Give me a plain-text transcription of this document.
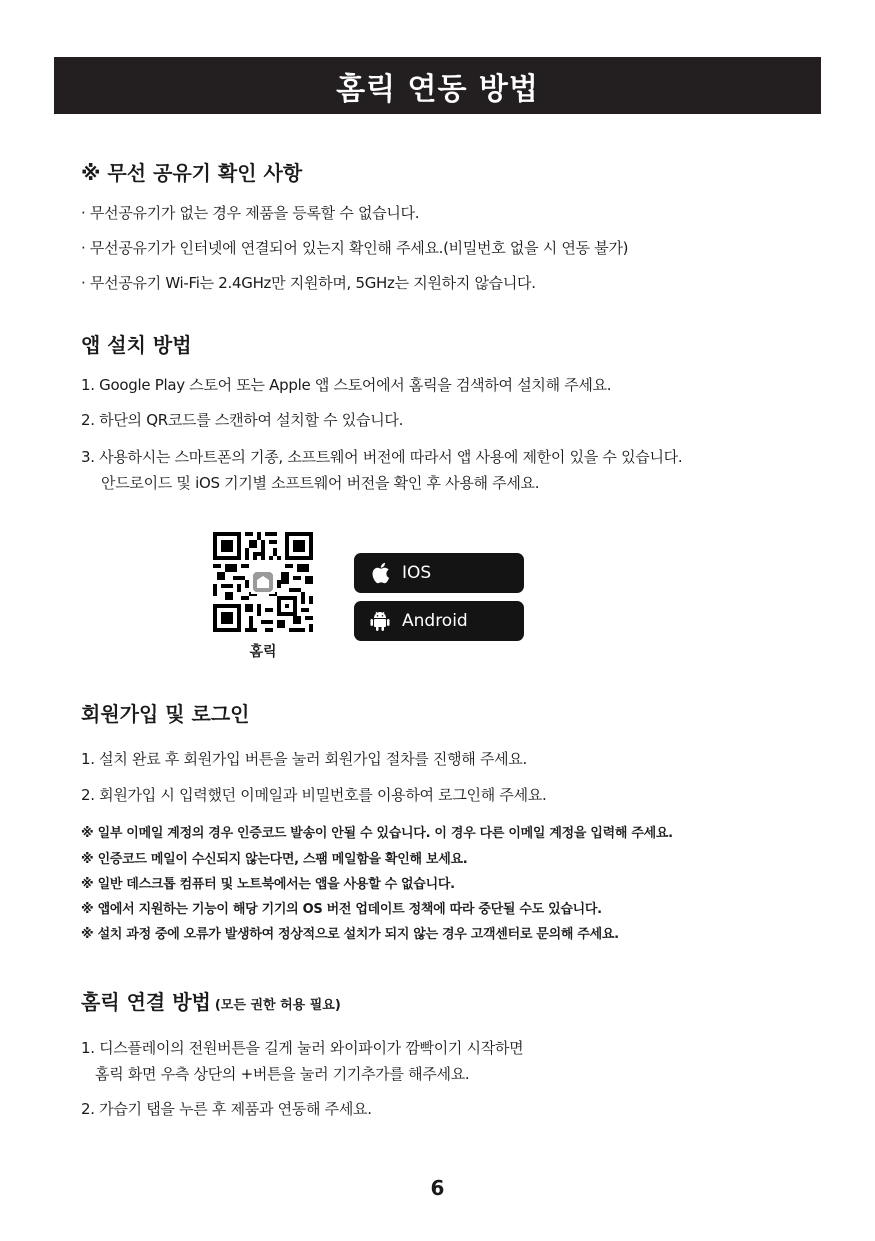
홈릭 연동 방법
※ 무선 공유기 확인 사항
· 무선공유기가 없는 경우 제품을 등록할 수 없습니다.
· 무선공유기가 인터넷에 연결되어 있는지 확인해 주세요.(비밀번호 없을 시 연동 불가)
· 무선공유기 Wi-Fi는 2.4GHz만 지원하며, 5GHz는 지원하지 않습니다.
앱 설치 방법
1. Google Play 스토어 또는 Apple 앱 스토어에서 홈릭을 검색하여 설치해 주세요.
2. 하단의 QR코드를 스캔하여 설치할 수 있습니다.
3. 사용하시는 스마트폰의 기종, 소프트웨어 버전에 따라서 앱 사용에 제한이 있을 수 있습니다.
안드로이드 및 iOS 기기별 소프트웨어 버전을 확인 후 사용해 주세요.
홈릭
IOS
Android
회원가입 및 로그인
1. 설치 완료 후 회원가입 버튼을 눌러 회원가입 절차를 진행해 주세요.
2. 회원가입 시 입력했던 이메일과 비밀번호를 이용하여 로그인해 주세요.
※ 일부 이메일 계정의 경우 인증코드 발송이 안될 수 있습니다. 이 경우 다른 이메일 계정을 입력해 주세요.
※ 인증코드 메일이 수신되지 않는다면, 스팸 메일함을 확인해 보세요.
※ 일반 데스크톱 컴퓨터 및 노트북에서는 앱을 사용할 수 없습니다.
※ 앱에서 지원하는 기능이 해당 기기의 OS 버전 업데이트 정책에 따라 중단될 수도 있습니다.
※ 설치 과정 중에 오류가 발생하여 정상적으로 설치가 되지 않는 경우 고객센터로 문의해 주세요.
홈릭 연결 방법 (모든 권한 허용 필요)
1. 디스플레이의 전원버튼을 길게 눌러 와이파이가 깜빡이기 시작하면
홈릭 화면 우측 상단의 +버튼을 눌러 기기추가를 해주세요.
2. 가습기 탭을 누른 후 제품과 연동해 주세요.
6
